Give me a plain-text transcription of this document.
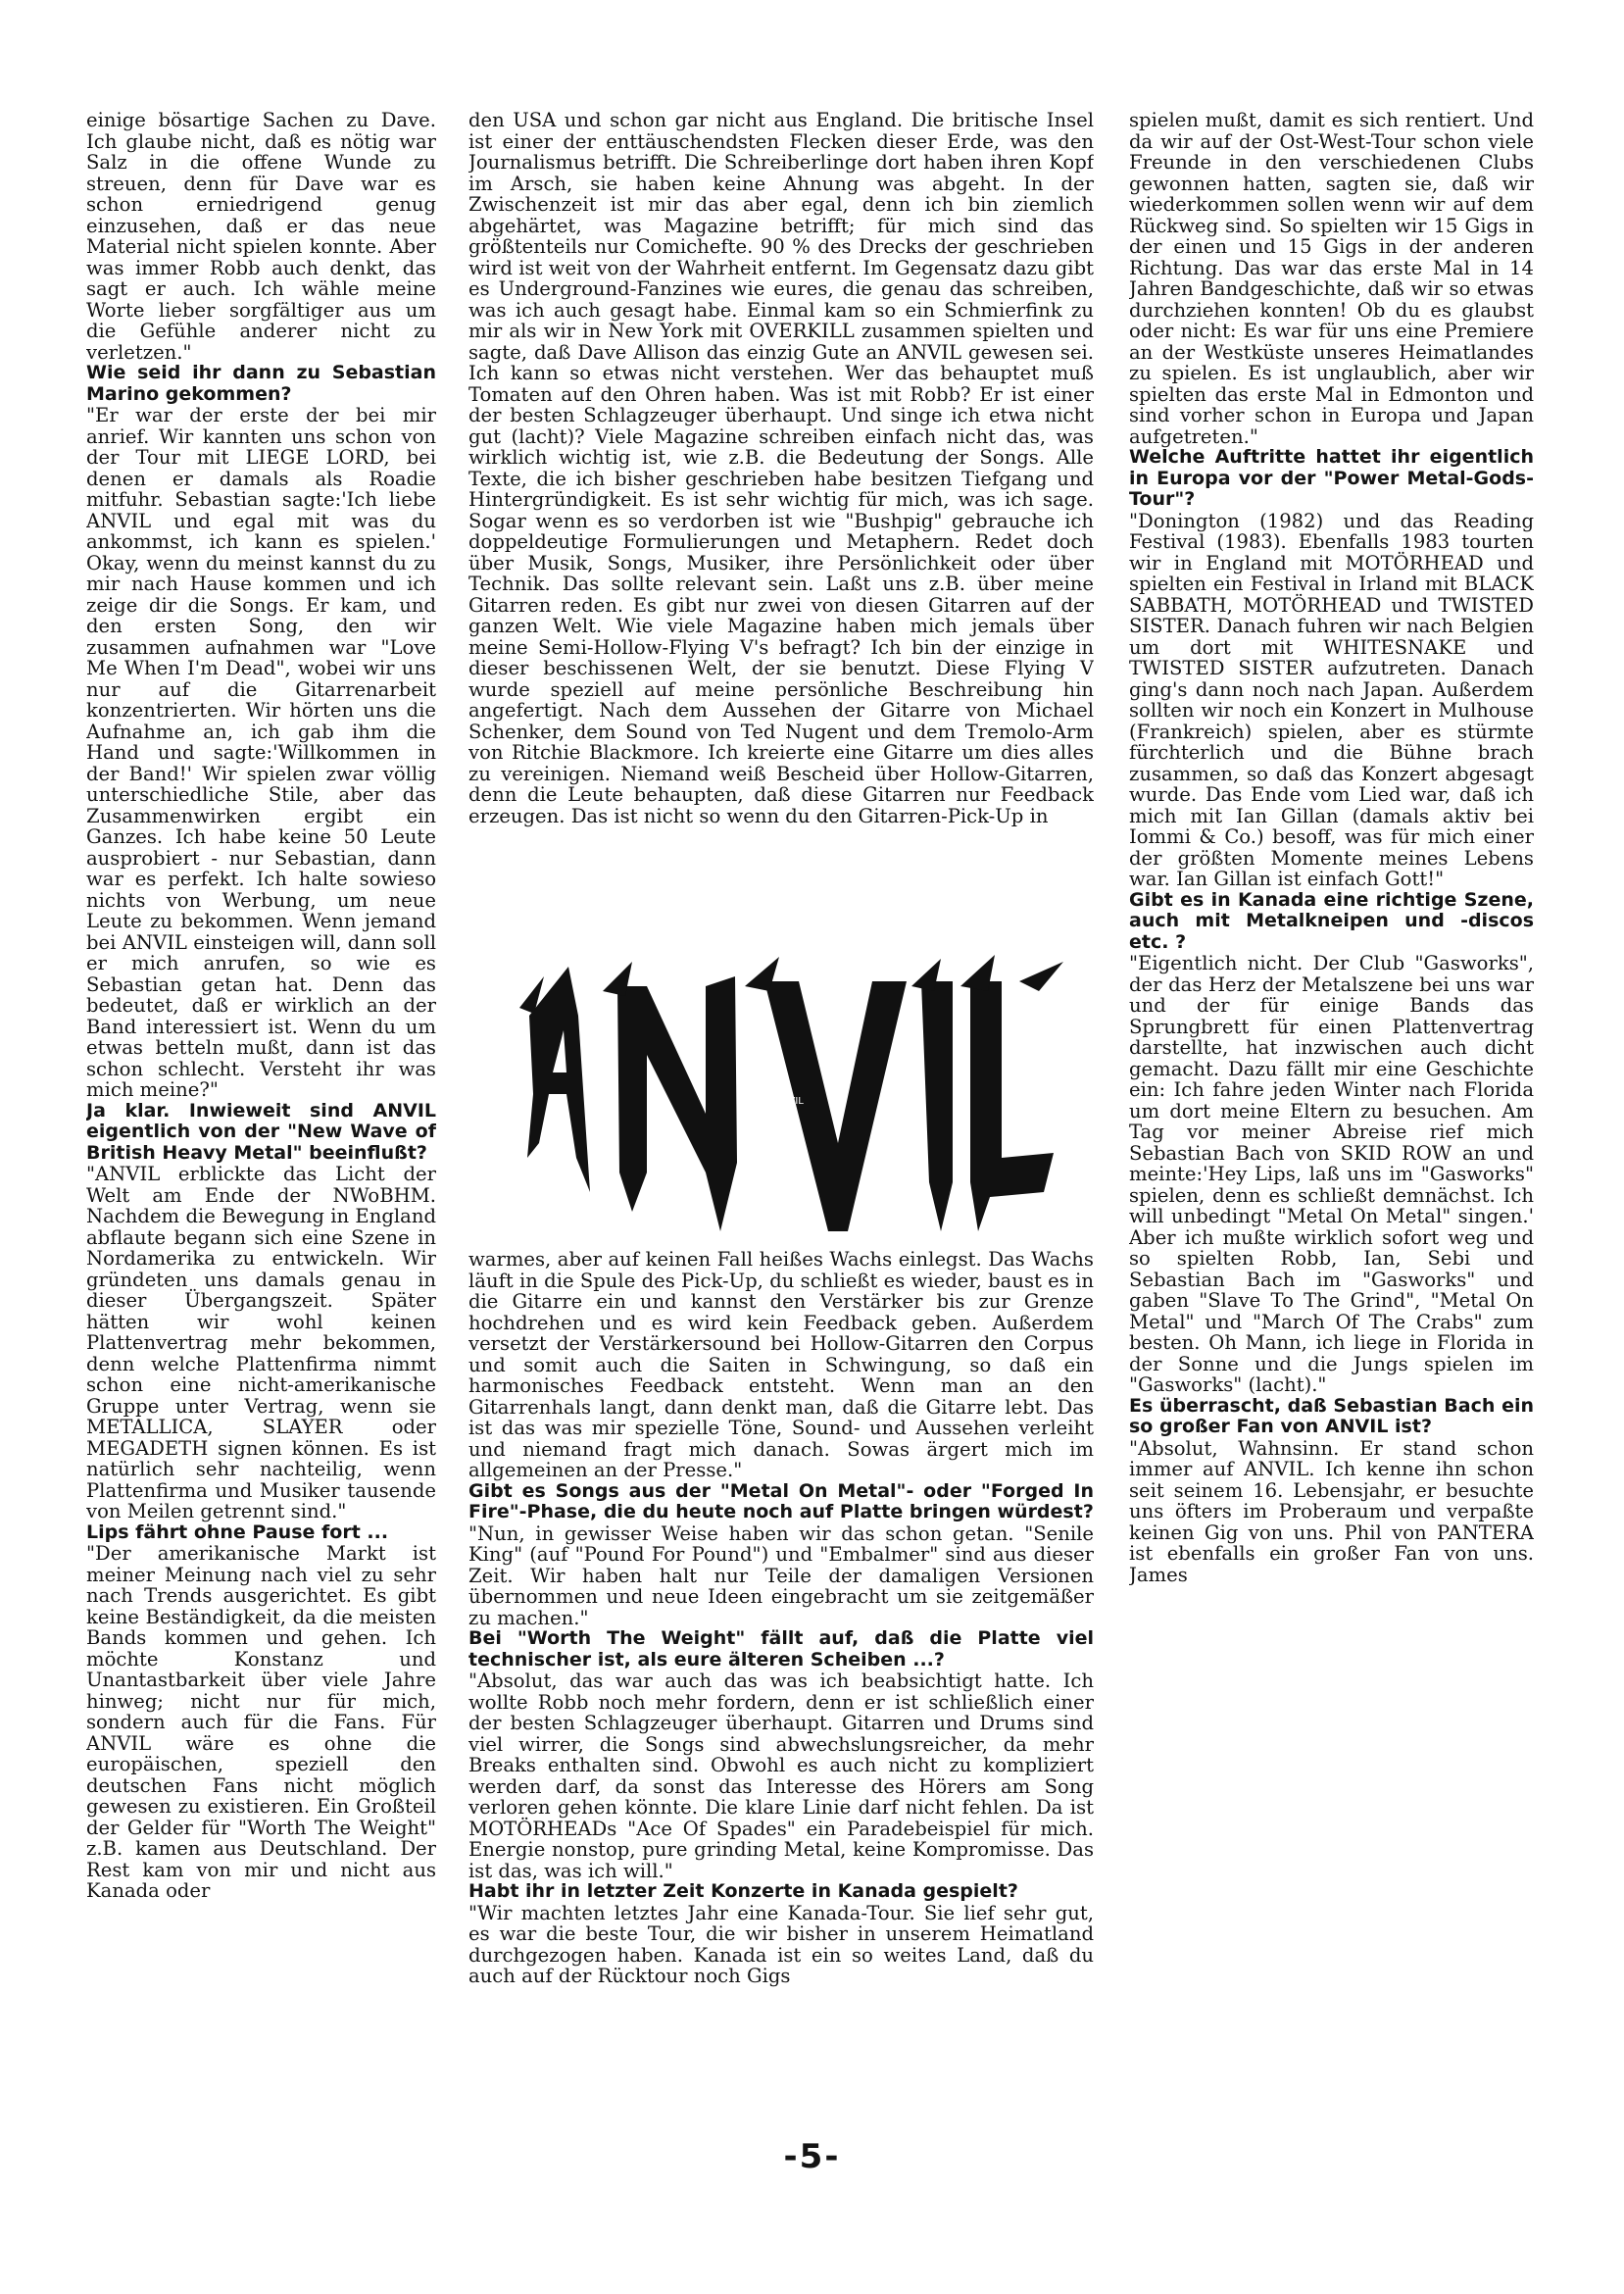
einige bösartige Sachen zu Dave. Ich glaube nicht, daß es nötig war Salz in die offene Wunde zu streuen, denn für Dave war es schon erniedrigend genug einzusehen, daß er das neue Material nicht spielen konnte. Aber was immer Robb auch denkt, das sagt er auch. Ich wähle meine Worte lieber sorgfältiger aus um die Gefühle anderer nicht zu verletzen."

Wie seid ihr dann zu Sebastian Marino gekommen?

"Er war der erste der bei mir anrief. Wir kannten uns schon von der Tour mit LIEGE LORD, bei denen er damals als Roadie mitfuhr. Sebastian sagte:'Ich liebe ANVIL und egal mit was du ankommst, ich kann es spielen.' Okay, wenn du meinst kannst du zu mir nach Hause kommen und ich zeige dir die Songs. Er kam, und den ersten Song, den wir zusammen aufnahmen war "Love Me When I'm Dead", wobei wir uns nur auf die Gitarrenarbeit konzentrierten. Wir hörten uns die Aufnahme an, ich gab ihm die Hand und sagte:'Willkommen in der Band!' Wir spielen zwar völlig unterschiedliche Stile, aber das Zusammenwirken ergibt ein Ganzes. Ich habe keine 50 Leute ausprobiert - nur Sebastian, dann war es perfekt. Ich halte sowieso nichts von Werbung, um neue Leute zu bekommen. Wenn jemand bei ANVIL einsteigen will, dann soll er mich anrufen, so wie es Sebastian getan hat. Denn das bedeutet, daß er wirklich an der Band interessiert ist. Wenn du um etwas betteln mußt, dann ist das schon schlecht. Versteht ihr was mich meine?"

Ja klar. Inwieweit sind ANVIL eigentlich von der "New Wave of British Heavy Metal" beeinflußt?

"ANVIL erblickte das Licht der Welt am Ende der NWoBHM. Nachdem die Bewegung in England abflaute begann sich eine Szene in Nordamerika zu entwickeln. Wir gründeten uns damals genau in dieser Übergangszeit. Später hätten wir wohl keinen Plattenvertrag mehr bekommen, denn welche Plattenfirma nimmt schon eine nicht-amerikanische Gruppe unter Vertrag, wenn sie METALLICA, SLAYER oder MEGADETH signen können. Es ist natürlich sehr nachteilig, wenn Plattenfirma und Musiker tausende von Meilen getrennt sind."

Lips fährt ohne Pause fort ...

"Der amerikanische Markt ist meiner Meinung nach viel zu sehr nach Trends ausgerichtet. Es gibt keine Beständigkeit, da die meisten Bands kommen und gehen. Ich möchte Konstanz und Unantastbarkeit über viele Jahre hinweg; nicht nur für mich, sondern auch für die Fans. Für ANVIL wäre es ohne die europäischen, speziell den deutschen Fans nicht möglich gewesen zu existieren. Ein Großteil der Gelder für "Worth The Weight" z.B. kamen aus Deutschland. Der Rest kam von mir und nicht aus Kanada oder

den USA und schon gar nicht aus England. Die britische Insel ist einer der enttäuschendsten Flecken dieser Erde, was den Journalismus betrifft. Die Schreiberlinge dort haben ihren Kopf im Arsch, sie haben keine Ahnung was abgeht. In der Zwischenzeit ist mir das aber egal, denn ich bin ziemlich abgehärtet, was Magazine betrifft; für mich sind das größtenteils nur Comichefte. 90 % des Drecks der geschrieben wird ist weit von der Wahrheit entfernt. Im Gegensatz dazu gibt es Underground-Fanzines wie eures, die genau das schreiben, was ich auch gesagt habe. Einmal kam so ein Schmierfink zu mir als wir in New York mit OVERKILL zusammen spielten und sagte, daß Dave Allison das einzig Gute an ANVIL gewesen sei. Ich kann so etwas nicht verstehen. Wer das behauptet muß Tomaten auf den Ohren haben. Was ist mit Robb? Er ist einer der besten Schlagzeuger überhaupt. Und singe ich etwa nicht gut (lacht)? Viele Magazine schreiben einfach nicht das, was wirklich wichtig ist, wie z.B. die Bedeutung der Songs. Alle Texte, die ich bisher geschrieben habe besitzen Tiefgang und Hintergründigkeit. Es ist sehr wichtig für mich, was ich sage. Sogar wenn es so verdorben ist wie "Bushpig" gebrauche ich doppeldeutige Formulierungen und Metaphern. Redet doch über Musik, Songs, Musiker, ihre Persönlichkeit oder über Technik. Das sollte relevant sein. Laßt uns z.B. über meine Gitarren reden. Es gibt nur zwei von diesen Gitarren auf der ganzen Welt. Wie viele Magazine haben mich jemals über meine Semi-Hollow-Flying V's befragt? Ich bin der einzige in dieser beschissenen Welt, der sie benutzt. Diese Flying V wurde speziell auf meine persönliche Beschreibung hin angefertigt. Nach dem Aussehen der Gitarre von Michael Schenker, dem Sound von Ted Nugent und dem Tremolo-Arm von Ritchie Blackmore. Ich kreierte eine Gitarre um dies alles zu vereinigen. Niemand weiß Bescheid über Hollow-Gitarren, denn die Leute behaupten, daß diese Gitarren nur Feedback erzeugen. Das ist nicht so wenn du den Gitarren-Pick-Up in

ANVIL

warmes, aber auf keinen Fall heißes Wachs einlegst. Das Wachs läuft in die Spule des Pick-Up, du schließt es wieder, baust es in die Gitarre ein und kannst den Verstärker bis zur Grenze hochdrehen und es wird kein Feedback geben. Außerdem versetzt der Verstärkersound bei Hollow-Gitarren den Corpus und somit auch die Saiten in Schwingung, so daß ein harmonisches Feedback entsteht. Wenn man an den Gitarrenhals langt, dann denkt man, daß die Gitarre lebt. Das ist das was mir spezielle Töne, Sound- und Aussehen verleiht und niemand fragt mich danach. Sowas ärgert mich im allgemeinen an der Presse."

Gibt es Songs aus der "Metal On Metal"- oder "Forged In Fire"-Phase, die du heute noch auf Platte bringen würdest?

"Nun, in gewisser Weise haben wir das schon getan. "Senile King" (auf "Pound For Pound") und "Embalmer" sind aus dieser Zeit. Wir haben halt nur Teile der damaligen Versionen übernommen und neue Ideen eingebracht um sie zeitgemäßer zu machen."

Bei "Worth The Weight" fällt auf, daß die Platte viel technischer ist, als eure älteren Scheiben ...?

"Absolut, das war auch das was ich beabsichtigt hatte. Ich wollte Robb noch mehr fordern, denn er ist schließlich einer der besten Schlagzeuger überhaupt. Gitarren und Drums sind viel wirrer, die Songs sind abwechslungsreicher, da mehr Breaks enthalten sind. Obwohl es auch nicht zu kompliziert werden darf, da sonst das Interesse des Hörers am Song verloren gehen könnte. Die klare Linie darf nicht fehlen. Da ist MOTÖRHEADs "Ace Of Spades" ein Paradebeispiel für mich. Energie nonstop, pure grinding Metal, keine Kompromisse. Das ist das, was ich will."

Habt ihr in letzter Zeit Konzerte in Kanada gespielt?

"Wir machten letztes Jahr eine Kanada-Tour. Sie lief sehr gut, es war die beste Tour, die wir bisher in unserem Heimatland durchgezogen haben. Kanada ist ein so weites Land, daß du auch auf der Rücktour noch Gigs

spielen mußt, damit es sich rentiert. Und da wir auf der Ost-West-Tour schon viele Freunde in den verschiedenen Clubs gewonnen hatten, sagten sie, daß wir wiederkommen sollen wenn wir auf dem Rückweg sind. So spielten wir 15 Gigs in der einen und 15 Gigs in der anderen Richtung. Das war das erste Mal in 14 Jahren Bandgeschichte, daß wir so etwas durchziehen konnten! Ob du es glaubst oder nicht: Es war für uns eine Premiere an der Westküste unseres Heimatlandes zu spielen. Es ist unglaublich, aber wir spielten das erste Mal in Edmonton und sind vorher schon in Europa und Japan aufgetreten."

Welche Auftritte hattet ihr eigentlich in Europa vor der "Power Metal-Gods-Tour"?

"Donington (1982) und das Reading Festival (1983). Ebenfalls 1983 tourten wir in England mit MOTÖRHEAD und spielten ein Festival in Irland mit BLACK SABBATH, MOTÖRHEAD und TWISTED SISTER. Danach fuhren wir nach Belgien um dort mit WHITESNAKE und TWISTED SISTER aufzutreten. Danach ging's dann noch nach Japan. Außerdem sollten wir noch ein Konzert in Mulhouse (Frankreich) spielen, aber es stürmte fürchterlich und die Bühne brach zusammen, so daß das Konzert abgesagt wurde. Das Ende vom Lied war, daß ich mich mit Ian Gillan (damals aktiv bei Iommi & Co.) besoff, was für mich einer der größten Momente meines Lebens war. Ian Gillan ist einfach Gott!"

Gibt es in Kanada eine richtige Szene, auch mit Metalkneipen und -discos etc. ?

"Eigentlich nicht. Der Club "Gasworks", der das Herz der Metalszene bei uns war und der für einige Bands das Sprungbrett für einen Plattenvertrag darstellte, hat inzwischen auch dicht gemacht. Dazu fällt mir eine Geschichte ein: Ich fahre jeden Winter nach Florida um dort meine Eltern zu besuchen. Am Tag vor meiner Abreise rief mich Sebastian Bach von SKID ROW an und meinte:'Hey Lips, laß uns im "Gasworks" spielen, denn es schließt demnächst. Ich will unbedingt "Metal On Metal" singen.' Aber ich mußte wirklich sofort weg und so spielten Robb, Ian, Sebi und Sebastian Bach im "Gasworks" und gaben "Slave To The Grind", "Metal On Metal" und "March Of The Crabs" zum besten. Oh Mann, ich liege in Florida in der Sonne und die Jungs spielen im "Gasworks" (lacht)."

Es überrascht, daß Sebastian Bach ein so großer Fan von ANVIL ist?

"Absolut, Wahnsinn. Er stand schon immer auf ANVIL. Ich kenne ihn schon seit seinem 16. Lebensjahr, er besuchte uns öfters im Proberaum und verpaßte keinen Gig von uns. Phil von PANTERA ist ebenfalls ein großer Fan von uns. James

-5-
